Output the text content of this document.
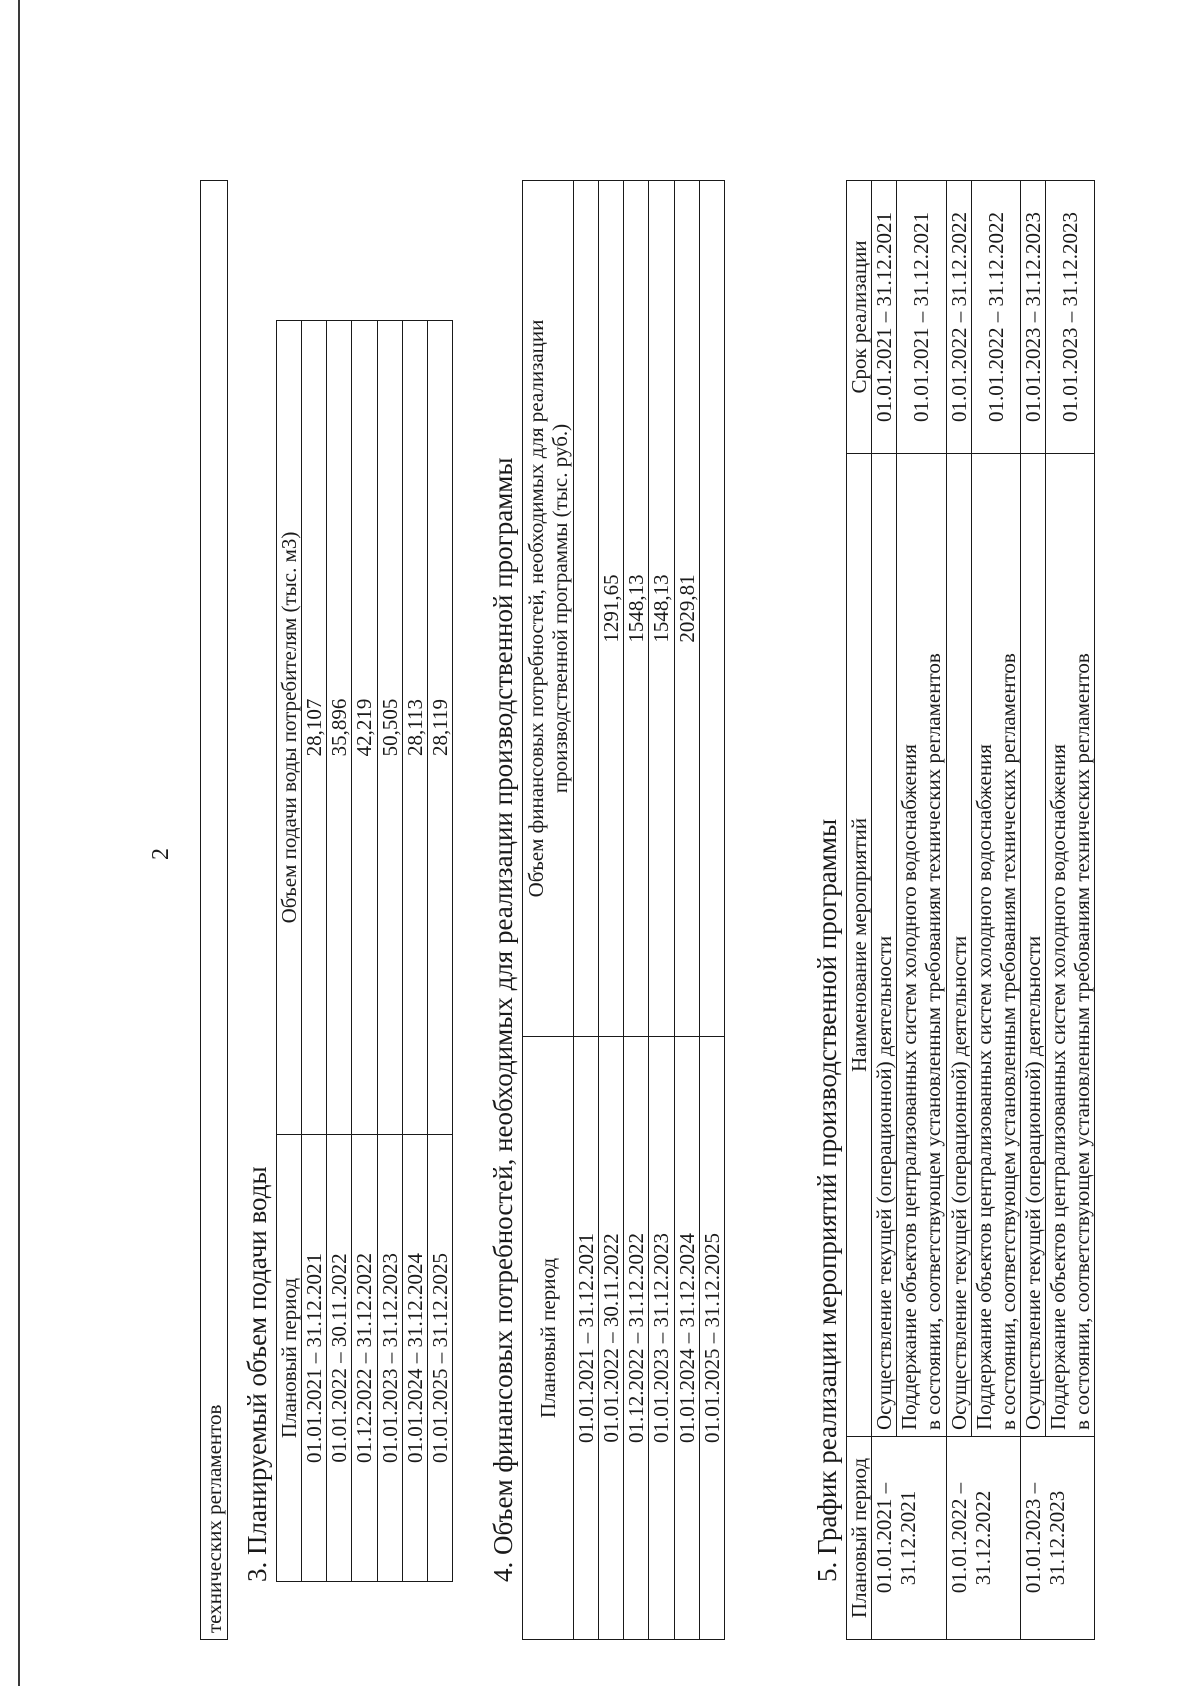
2
технических регламентов 3. Планируемый объем подачи воды Плановый период	Объем подачи воды потребителям (тыс. м3)
01.01.2021 – 31.12.2021	28,107
01.01.2022 – 30.11.2022	35,896
01.12.2022 – 31.12.2022	42,219
01.01.2023 – 31.12.2023	50,505
01.01.2024 – 31.12.2024	28,113
01.01.2025 – 31.12.2025	28,119 4. Объем финансовых потребностей, необходимых для реализации производственной программы Плановый период	Объем финансовых потребностей, необходимых для реализации производственной программы (тыс. руб.)

01.01.2021 – 31.12.2021	
01.01.2022 – 30.11.2022	1291,65
01.12.2022 – 31.12.2022	1548,13
01.01.2023 – 31.12.2023	1548,13
01.01.2024 – 31.12.2024	2029,81
01.01.2025 – 31.12.2025		5. График реализации мероприятий производственной программы Плановый период	Наименование мероприятий	Срок реализации

01.01.2021 – 31.12.2021	Осуществление текущей (операционной) деятельности	01.01.2021 – 31.12.2021

	Поддержание объектов централизованных систем холодного водоснабжения в состоянии, соответствующем установленным требованиям технических регламентов	01.01.2021 – 31.12.2021

01.01.2022 – 31.12.2022	Осуществление текущей (операционной) деятельности	01.01.2022 – 31.12.2022

	Поддержание объектов централизованных систем холодного водоснабжения в состоянии, соответствующем установленным требованиям технических регламентов	01.01.2022 – 31.12.2022

01.01.2023 – 31.12.2023	Осуществление текущей (операционной) деятельности	01.01.2023 – 31.12.2023

	Поддержание объектов централизованных систем холодного водоснабжения в состоянии, соответствующем установленным требованиям технических регламентов	01.01.2023 – 31.12.2023
